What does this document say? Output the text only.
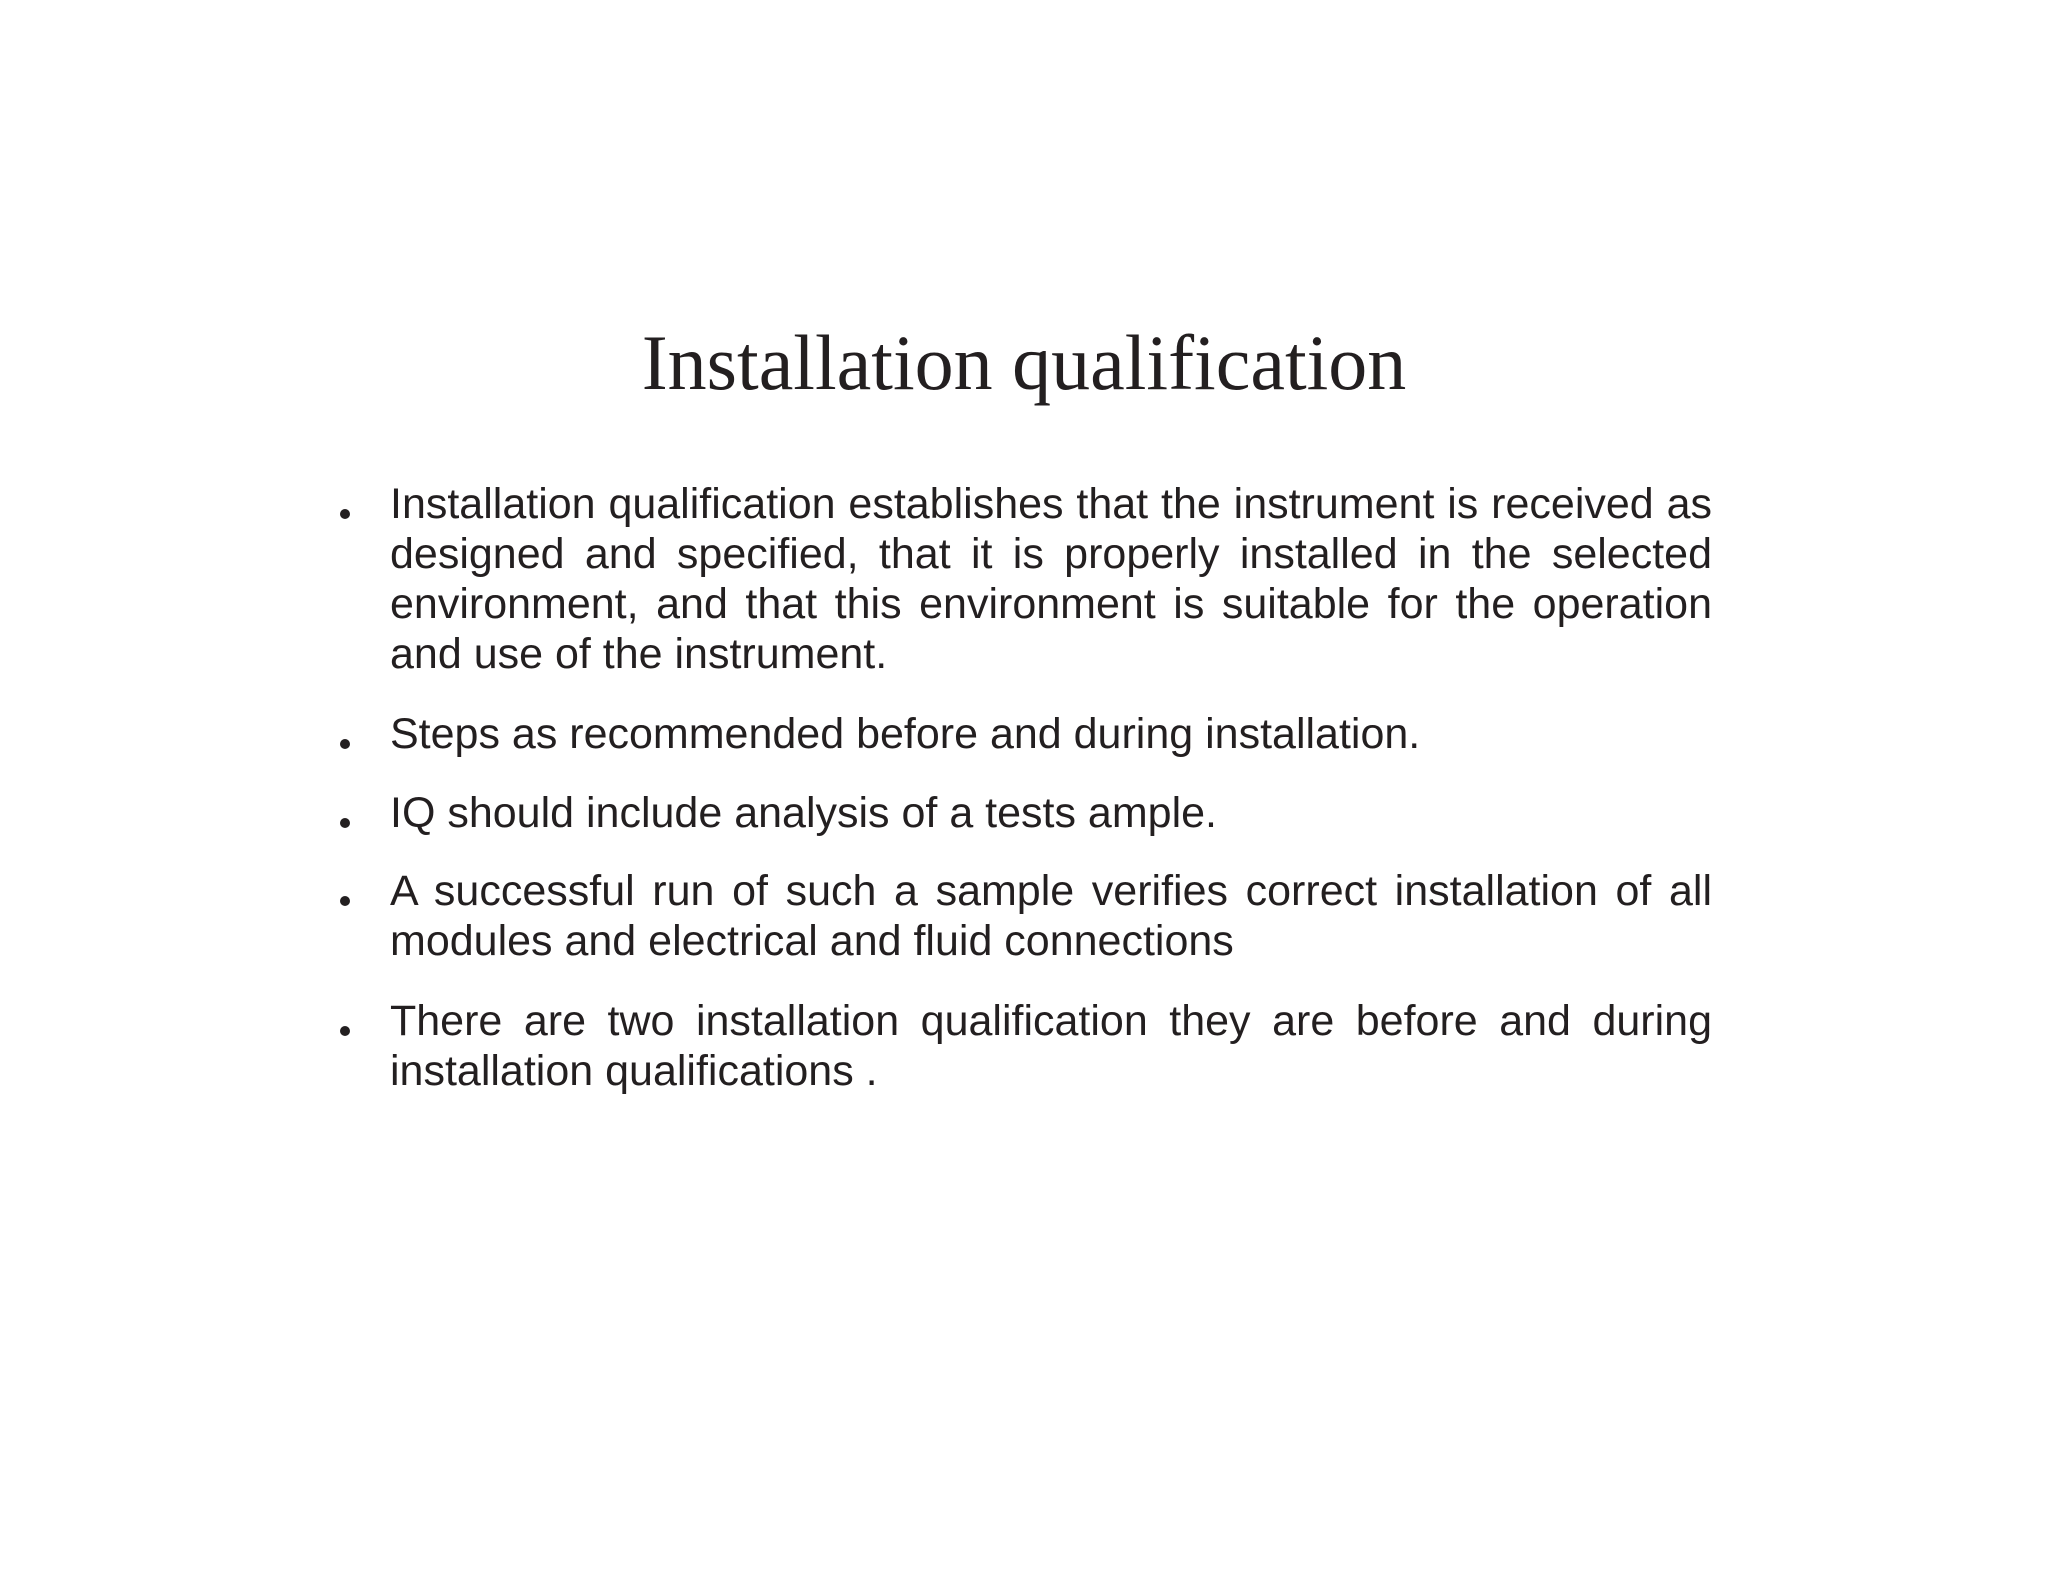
Installation qualification
Installation qualification establishes that the instrument is received as designed and specified, that it is properly installed in the selected environment, and that this environment is suitable for the operation and use of the instrument.
Steps as recommended before and during installation.
IQ should include analysis of a tests ample.
A successful run of such a sample verifies correct installation of all modules and electrical and fluid connections
There are two installation qualification they are before and during installation qualifications .
